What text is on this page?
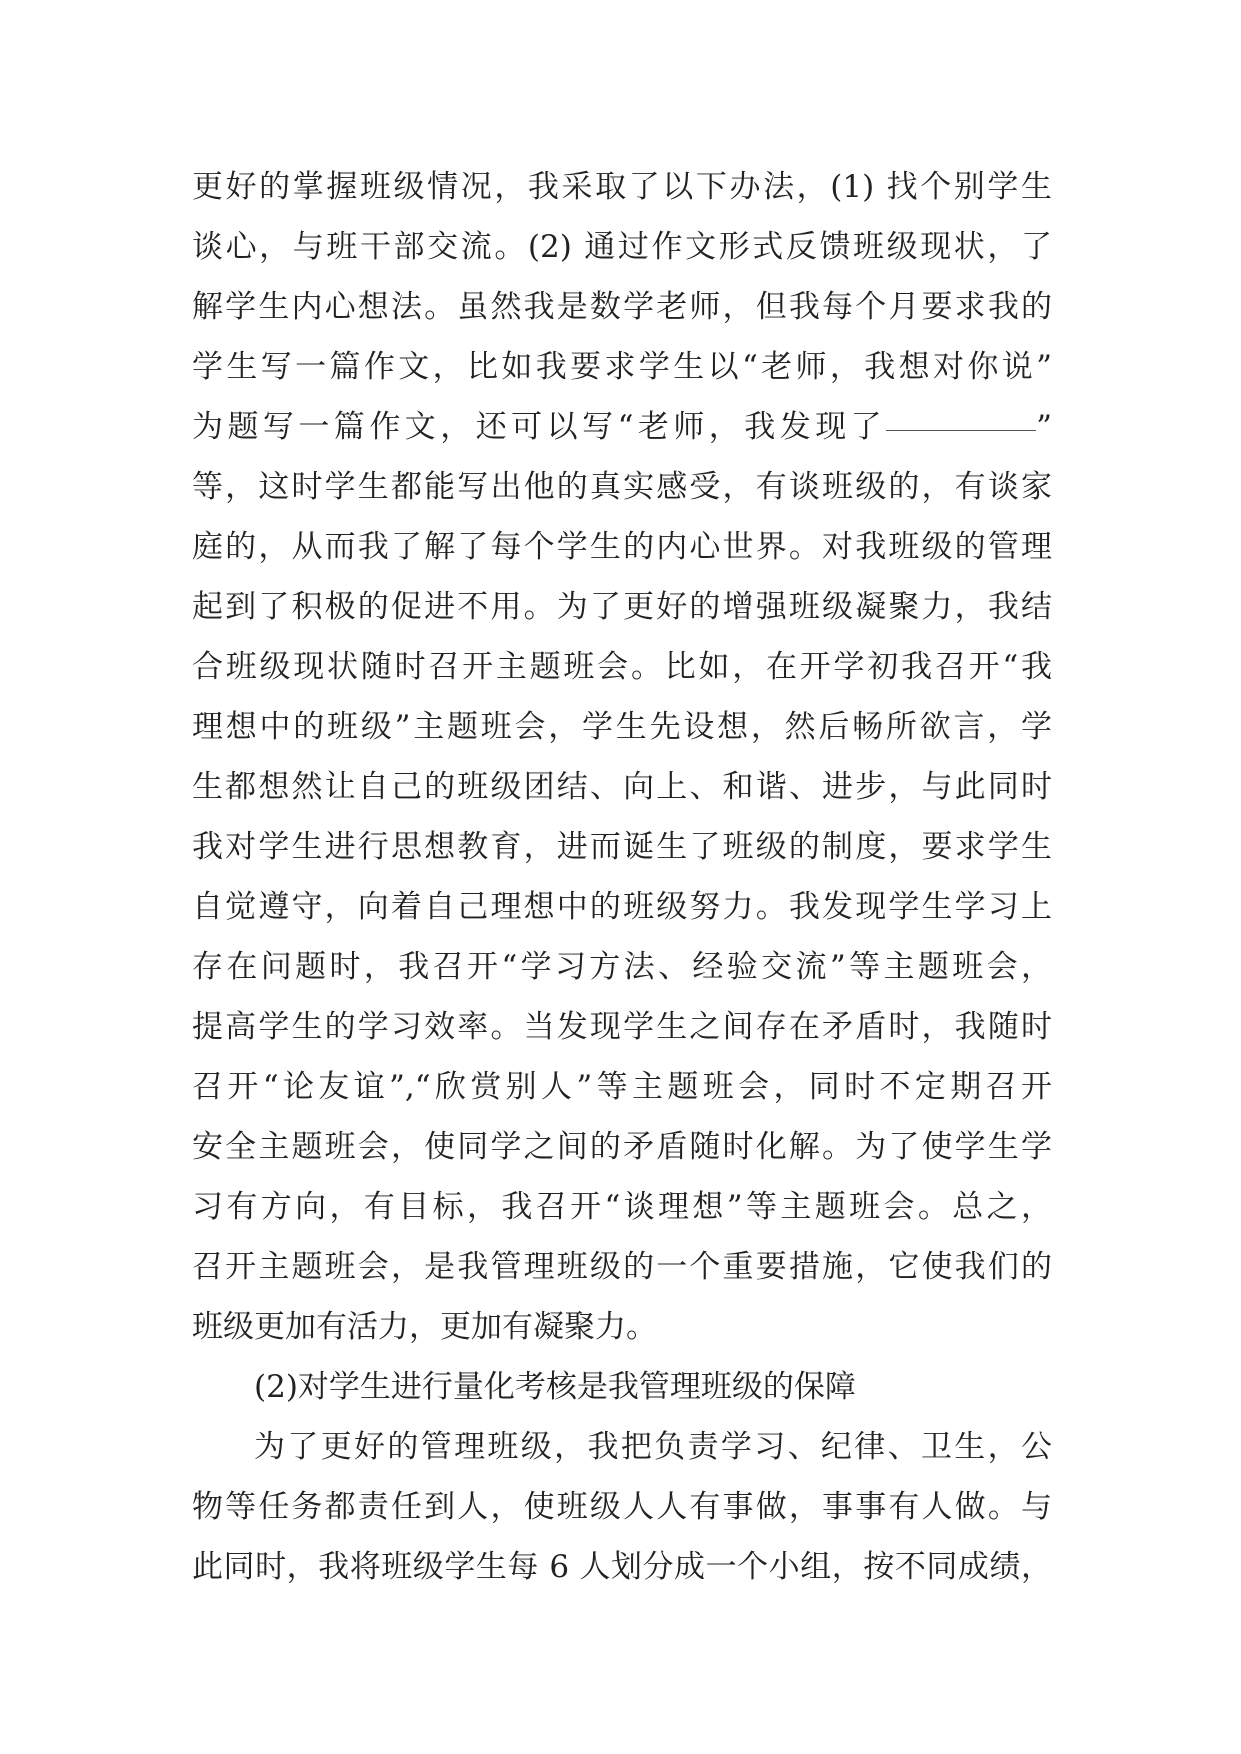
更好的掌握班级情况，我采取了以下办法，(1) 找个别学生
谈心，与班干部交流。(2) 通过作文形式反馈班级现状，了
解学生内心想法。虽然我是数学老师，但我每个月要求我的
学生写一篇作文，比如我要求学生以“老师，我想对你说”
为题写一篇作文，还可以写“老师，我发现了	”
等，这时学生都能写出他的真实感受，有谈班级的，有谈家
庭的，从而我了解了每个学生的内心世界。对我班级的管理
起到了积极的促进不用。为了更好的增强班级凝聚力，我结
合班级现状随时召开主题班会。比如，在开学初我召开“我
理想中的班级”主题班会，学生先设想，然后畅所欲言，学
生都想然让自己的班级团结、向上、和谐、进步，与此同时
我对学生进行思想教育，进而诞生了班级的制度，要求学生
自觉遵守，向着自己理想中的班级努力。我发现学生学习上
存在问题时，我召开“学习方法、经验交流”等主题班会，
提高学生的学习效率。当发现学生之间存在矛盾时，我随时
召开“论友谊”,“欣赏别人”等主题班会，同时不定期召开
安全主题班会，使同学之间的矛盾随时化解。为了使学生学
习有方向，有目标，我召开“谈理想”等主题班会。总之，
召开主题班会，是我管理班级的一个重要措施，它使我们的
班级更加有活力，更加有凝聚力。
(2)对学生进行量化考核是我管理班级的保障
为了更好的管理班级，我把负责学习、纪律、卫生，公
物等任务都责任到人，使班级人人有事做，事事有人做。与
此同时，我将班级学生每 6 人划分成一个小组，按不同成绩，
